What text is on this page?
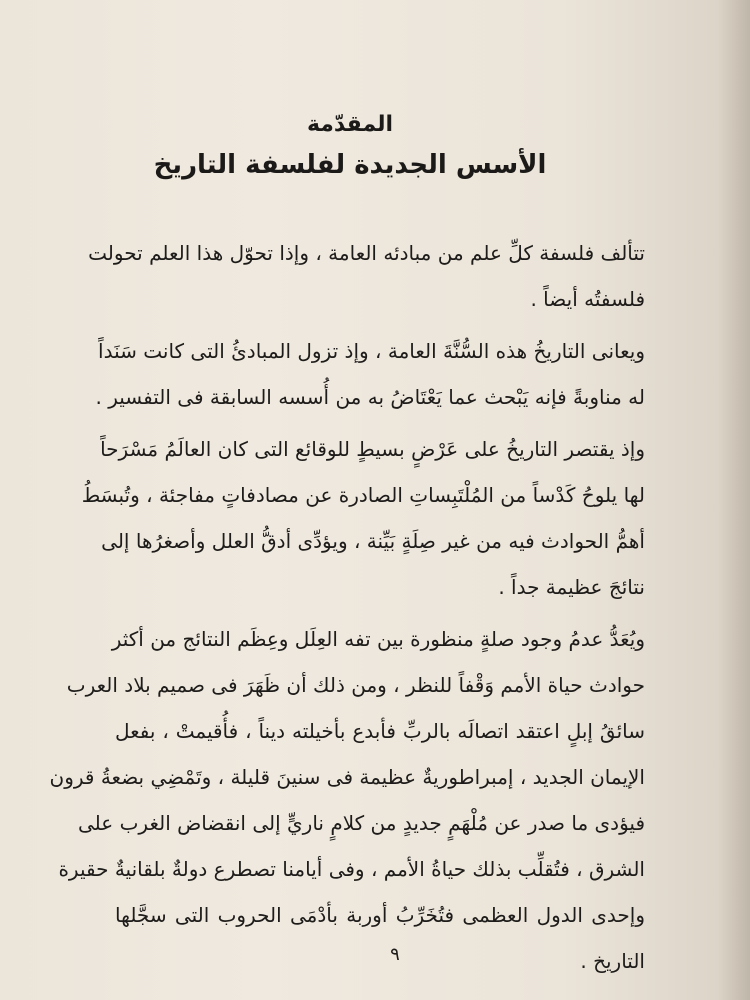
المقدّمة
الأسس الجديدة لفلسفة التاريخ

تتألف فلسفة كلِّ علم من مبادئه العامة ، وإذا تحوّل هذا العلم تحولت
فلسفتُه أيضاً .

ويعانى التاريخُ هذه السُّنَّةَ العامة ، وإذ تزول المبادئُ التى كانت سَنَداً
له مناوبةً فإنه يَبْحث عما يَعْتَاضُ به من أُسسه السابقة فى التفسير .

وإذ يقتصر التاريخُ على عَرْضٍ بسيطٍ للوقائع التى كان العالَمُ مَسْرَحاً
لها يلوحُ كَدْساً من المُلْتَبِساتِ الصادرة عن مصادفاتٍ مفاجئة ، وتُبسَطُ
أهمُّ الحوادث فيه من غير صِلَةٍ بَيِّنة ، ويؤدِّى أدقُّ العلل وأصغرُها إلى
نتائجَ عظيمة جداً .

ويُعَدُّ عدمُ وجود صلةٍ منظورة بين تفه العِلَل وعِظَم النتائج من أكثر
حوادث حياة الأمم وَقْفاً للنظر ، ومن ذلك أن ظَهَرَ فى صميم بلاد العرب
سائقُ إبلٍ اعتقد اتصالَه بالربِّ فأبدع بأخيلته ديناً ، فأُقيمتْ ، بفعل
الإيمان الجديد ، إمبراطوريةٌ عظيمة فى سنينَ قليلة ، وتَمْضِي بضعةُ قرون
فيؤدى ما صدر عن مُلْهَمٍ جديدٍ من كلامٍ ناريٍّ إلى انقضاض الغرب على
الشرق ، فتُقلِّب بذلك حياةُ الأمم ، وفى أيامنا تصطرع دولةٌ بلقانيةٌ حقيرة
وإحدى الدول العظمى فتُخَرِّبُ أوربة بأدْمَى الحروب التى سجَّلها
التاريخ .

٩
